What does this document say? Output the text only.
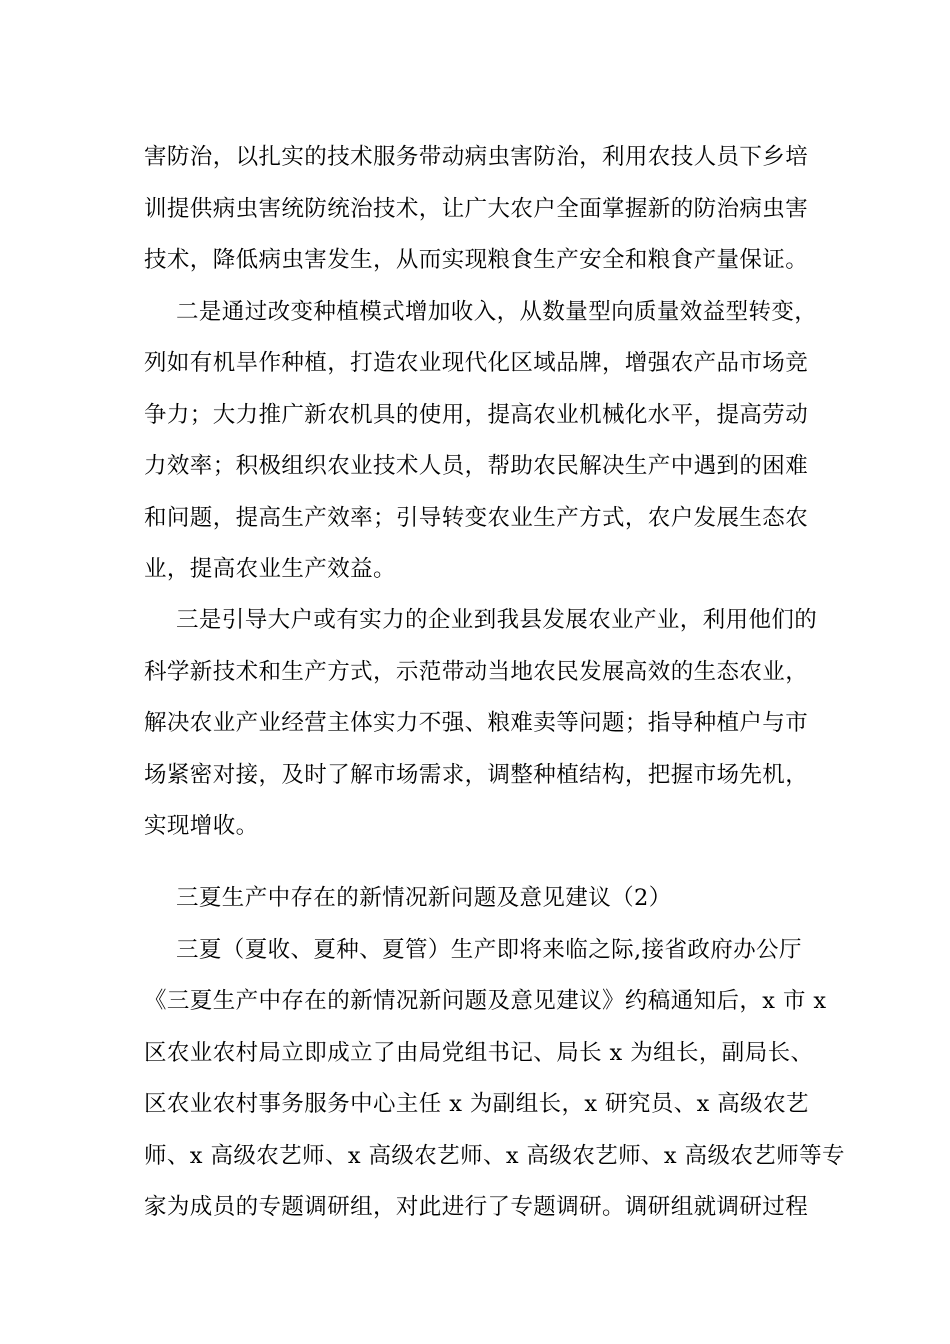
害防治，以扎实的技术服务带动病虫害防治，利用农技人员下乡培
训提供病虫害统防统治技术，让广大农户全面掌握新的防治病虫害
技术，降低病虫害发生，从而实现粮食生产安全和粮食产量保证。
二是通过改变种植模式增加收入，从数量型向质量效益型转变，
列如有机旱作种植，打造农业现代化区域品牌，增强农产品市场竞
争力；大力推广新农机具的使用，提高农业机械化水平，提高劳动
力效率；积极组织农业技术人员，帮助农民解决生产中遇到的困难
和问题，提高生产效率；引导转变农业生产方式，农户发展生态农
业，提高农业生产效益。
三是引导大户或有实力的企业到我县发展农业产业，利用他们的
科学新技术和生产方式，示范带动当地农民发展高效的生态农业，
解决农业产业经营主体实力不强、粮难卖等问题；指导种植户与市
场紧密对接，及时了解市场需求，调整种植结构，把握市场先机，
实现增收。
三夏生产中存在的新情况新问题及意见建议（2）
三夏（夏收、夏种、夏管）生产即将来临之际,接省政府办公厅
《三夏生产中存在的新情况新问题及意见建议》约稿通知后，x 市 x
区农业农村局立即成立了由局党组书记、局长 x 为组长，副局长、
区农业农村事务服务中心主任 x 为副组长，x 研究员、x 高级农艺
师、x 高级农艺师、x 高级农艺师、x 高级农艺师、x 高级农艺师等专
家为成员的专题调研组，对此进行了专题调研。调研组就调研过程
